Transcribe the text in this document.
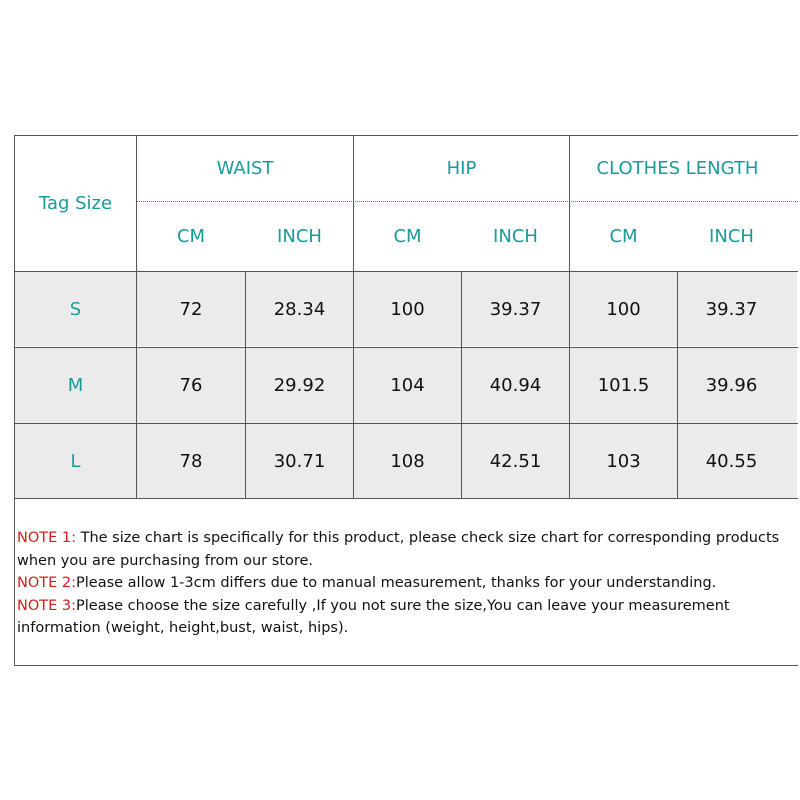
Tag Size
WAIST	HIP	CLOTHES LENGTH
CM	INCH	CM	INCH	CM	INCH
S	72	28.34	100	39.37	100	39.37
M	76	29.92	104	40.94	101.5	39.96
L	78	30.71	108	42.51	103	40.55
NOTE 1: The size chart is specifically for this product, please check size chart for corresponding products when you are purchasing from our store.
NOTE 2:Please allow 1-3cm differs due to manual measurement, thanks for your understanding.
NOTE 3:Please choose the size carefully ,If you not sure the size,You can leave your measurement information (weight, height,bust, waist, hips).
